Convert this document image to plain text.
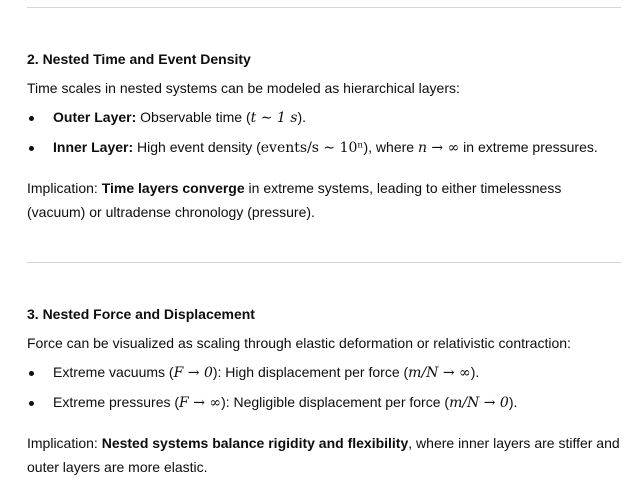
2. Nested Time and Event Density
Time scales in nested systems can be modeled as hierarchical layers:
Outer Layer: Observable time (t ∼ 1 s).
Inner Layer: High event density (events/s ∼ 10ⁿ), where n → ∞ in extreme pressures.
Implication: Time layers converge in extreme systems, leading to either timelessness (vacuum) or ultradense chronology (pressure).
3. Nested Force and Displacement
Force can be visualized as scaling through elastic deformation or relativistic contraction:
Extreme vacuums (F → 0): High displacement per force (m/N → ∞).
Extreme pressures (F → ∞): Negligible displacement per force (m/N → 0).
Implication: Nested systems balance rigidity and flexibility, where inner layers are stiffer and outer layers are more elastic.
